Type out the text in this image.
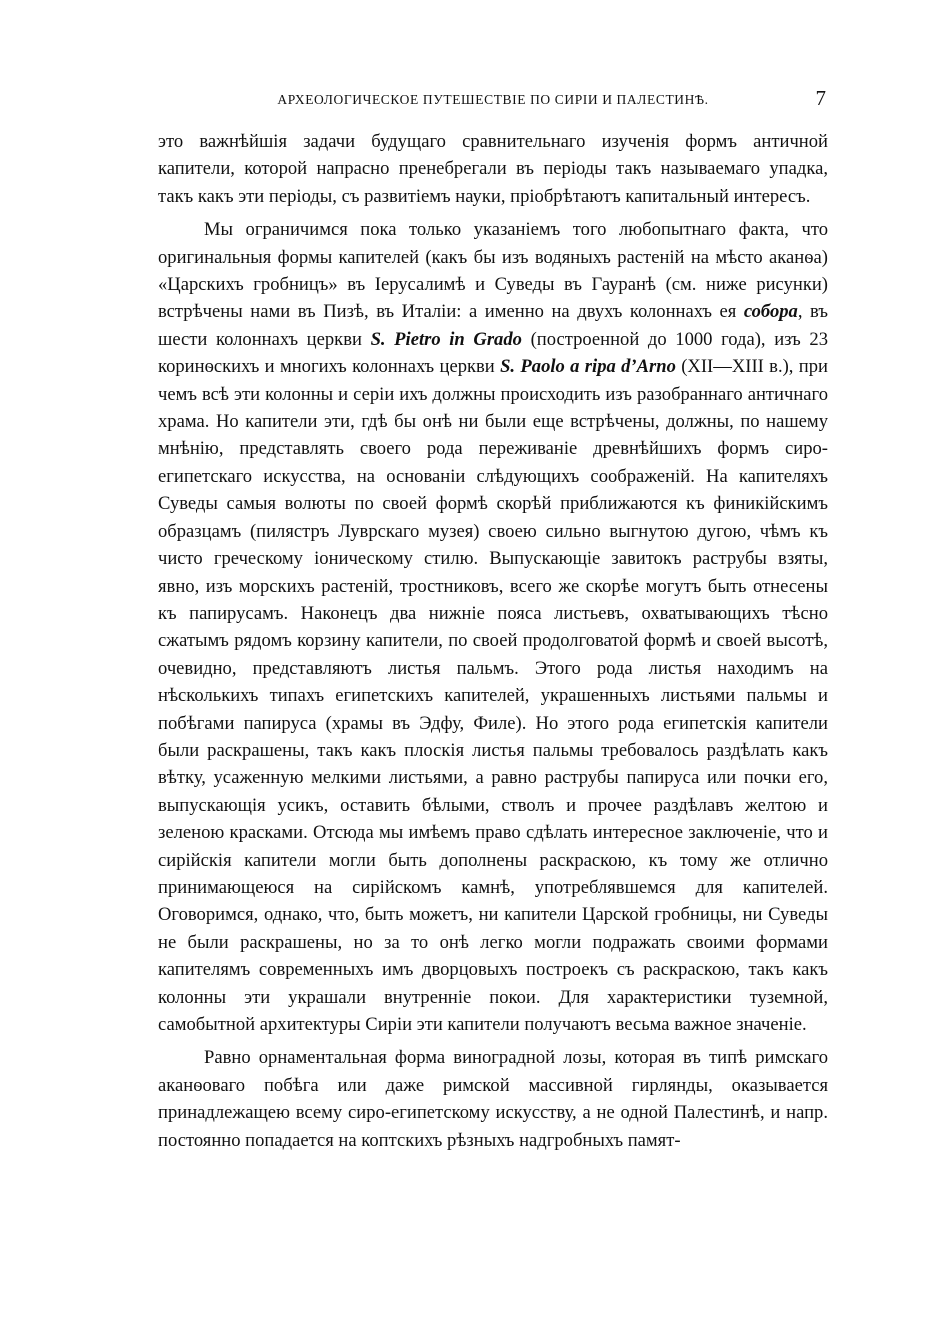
АРХЕОЛОГИЧЕСКОЕ ПУТЕШЕСТВІЕ ПО СИРІИ И ПАЛЕСТИНѢ.	7

это важнѣйшія задачи будущаго сравнительнаго изученія формъ античной капители, которой напрасно пренебрегали въ періоды такъ называемаго упадка, такъ какъ эти періоды, съ развитіемъ науки, пріобрѣтаютъ капитальный интересъ.

Мы ограничимся пока только указаніемъ того любопытнаго факта, что оригинальныя формы капителей (какъ бы изъ водяныхъ растеній на мѣсто аканѳа) «Царскихъ гробницъ» въ Іерусалимѣ и Суведы въ Гауранѣ (см. ниже рисунки) встрѣчены нами въ Пизѣ, въ Италіи: а именно на двухъ колоннахъ ея собора, въ шести колоннахъ церкви S. Pietro in Grado (построенной до 1000 года), изъ 23 коринѳскихъ и многихъ колоннахъ церкви S. Paolo a ripa d’Arno (XII—XIII в.), при чемъ всѣ эти колонны и серіи ихъ должны происходить изъ разобраннаго античнаго храма. Но капители эти, гдѣ бы онѣ ни были еще встрѣчены, должны, по нашему мнѣнію, представлять своего рода переживаніе древнѣйшихъ формъ сиро-египетскаго искусства, на основаніи слѣдующихъ соображеній. На капителяхъ Суведы самыя волюты по своей формѣ скорѣй приближаются къ финикійскимъ образцамъ (пилястръ Луврскаго музея) своею сильно выгнутою дугою, чѣмъ къ чисто греческому іоническому стилю. Выпускающіе завитокъ раструбы взяты, явно, изъ морскихъ растеній, тростниковъ, всего же скорѣе могутъ быть отнесены къ папирусамъ. Наконецъ два нижніе пояса листьевъ, охватывающихъ тѣсно сжатымъ рядомъ корзину капители, по своей продолговатой формѣ и своей высотѣ, очевидно, представляютъ листья пальмъ. Этого рода листья находимъ на нѣсколькихъ типахъ египетскихъ капителей, украшенныхъ листьями пальмы и побѣгами папируса (храмы въ Эдфу, Филе). Но этого рода египетскія капители были раскрашены, такъ какъ плоскія листья пальмы требовалось раздѣлать какъ вѣтку, усаженную мелкими листьями, а равно раструбы папируса или почки его, выпускающія усикъ, оставить бѣлыми, стволъ и прочее раздѣлавъ желтою и зеленою красками. Отсюда мы имѣемъ право сдѣлать интересное заключеніе, что и сирійскія капители могли быть дополнены раскраскою, къ тому же отлично принимающеюся на сирійскомъ камнѣ, употреблявшемся для капителей. Оговоримся, однако, что, быть можетъ, ни капители Царской гробницы, ни Суведы не были раскрашены, но за то онѣ легко могли подражать своими формами капителямъ современныхъ имъ дворцовыхъ построекъ съ раскраскою, такъ какъ колонны эти украшали внутренніе покои. Для характеристики туземной, самобытной архитектуры Сиріи эти капители получаютъ весьма важное значеніе.

Равно орнаментальная форма виноградной лозы, которая въ типѣ римскаго аканѳоваго побѣга или даже римской массивной гирлянды, оказывается принадлежащею всему сиро-египетскому искусству, а не одной Палестинѣ, и напр. постоянно попадается на коптскихъ рѣзныхъ надгробныхъ памят-
